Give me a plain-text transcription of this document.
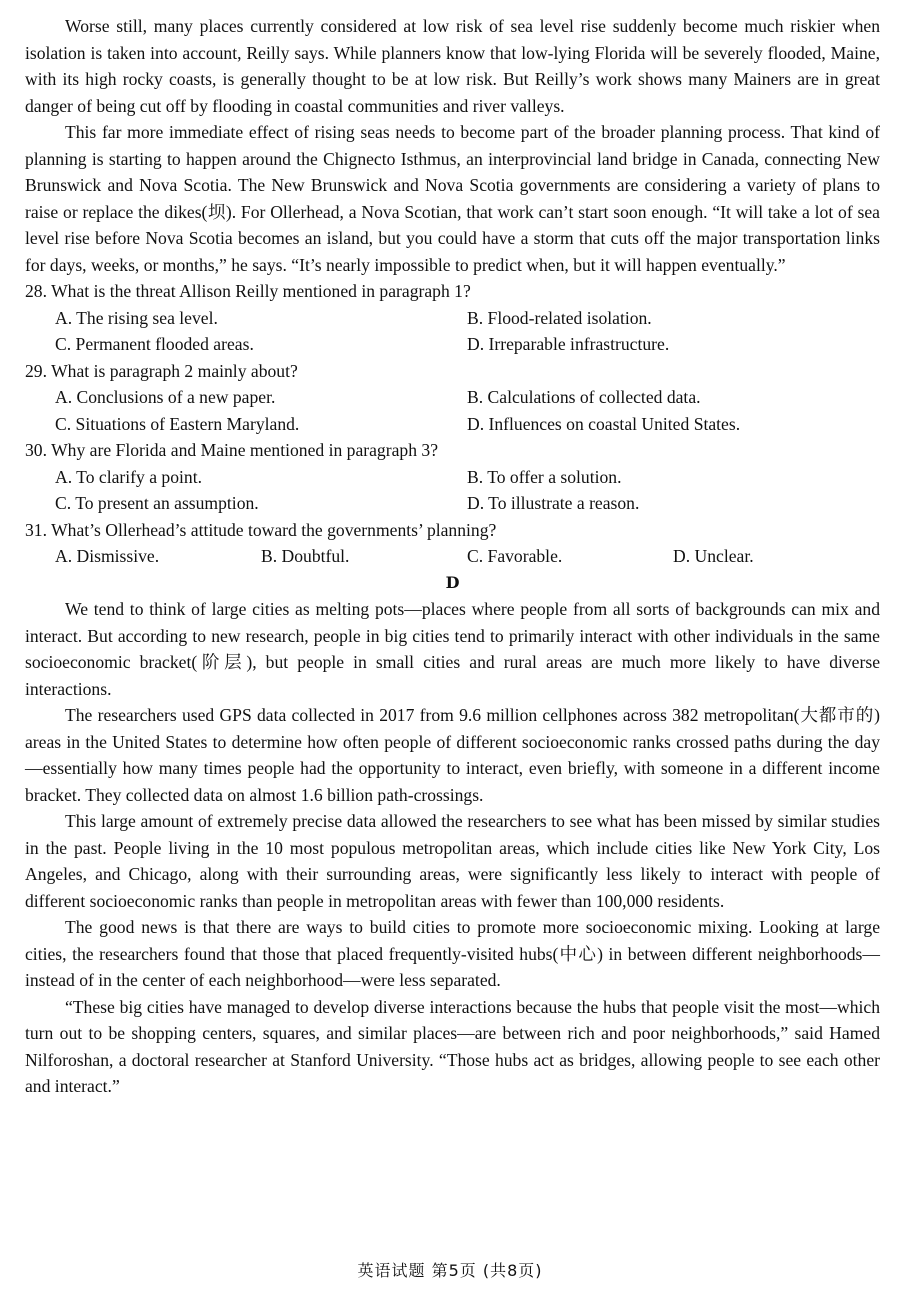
Worse still, many places currently considered at low risk of sea level rise suddenly become much riskier when isolation is taken into account, Reilly says. While planners know that low-lying Florida will be severely flooded, Maine, with its high rocky coasts, is generally thought to be at low risk. But Reilly’s work shows many Mainers are in great danger of being cut off by flooding in coastal communities and river valleys.

This far more immediate effect of rising seas needs to become part of the broader planning process. That kind of planning is starting to happen around the Chignecto Isthmus, an interprovincial land bridge in Canada, connecting New Brunswick and Nova Scotia. The New Brunswick and Nova Scotia governments are considering a variety of plans to raise or replace the dikes(坝). For Ollerhead, a Nova Scotian, that work can’t start soon enough. “It will take a lot of sea level rise before Nova Scotia becomes an island, but you could have a storm that cuts off the major transportation links for days, weeks, or months,” he says. “It’s nearly impossible to predict when, but it will happen eventually.”

28. What is the threat Allison Reilly mentioned in paragraph 1?

A. The rising sea level.	B. Flood-related isolation.
C. Permanent flooded areas.	D. Irreparable infrastructure.

29. What is paragraph 2 mainly about?

A. Conclusions of a new paper.	B. Calculations of collected data.
C. Situations of Eastern Maryland.	D. Influences on coastal United States.

30. Why are Florida and Maine mentioned in paragraph 3?

A. To clarify a point.	B. To offer a solution.
C. To present an assumption.	D. To illustrate a reason.

31. What’s Ollerhead’s attitude toward the governments’ planning?

A. Dismissive.	B. Doubtful.	C. Favorable.	D. Unclear.

D

We tend to think of large cities as melting pots—places where people from all sorts of backgrounds can mix and interact. But according to new research, people in big cities tend to primarily interact with other individuals in the same socioeconomic bracket(阶层), but people in small cities and rural areas are much more likely to have diverse interactions.

The researchers used GPS data collected in 2017 from 9.6 million cellphones across 382 metropolitan(大都市的) areas in the United States to determine how often people of different socioeconomic ranks crossed paths during the day—essentially how many times people had the opportunity to interact, even briefly, with someone in a different income bracket. They collected data on almost 1.6 billion path-crossings.

This large amount of extremely precise data allowed the researchers to see what has been missed by similar studies in the past. People living in the 10 most populous metropolitan areas, which include cities like New York City, Los Angeles, and Chicago, along with their surrounding areas, were significantly less likely to interact with people of different socioeconomic ranks than people in metropolitan areas with fewer than 100,000 residents.

The good news is that there are ways to build cities to promote more socioeconomic mixing. Looking at large cities, the researchers found that those that placed frequently-visited hubs(中心) in between different neighborhoods—instead of in the center of each neighborhood—were less separated.

“These big cities have managed to develop diverse interactions because the hubs that people visit the most—which turn out to be shopping centers, squares, and similar places—are between rich and poor neighborhoods,” said Hamed Nilforoshan, a doctoral researcher at Stanford University. “Those hubs act as bridges, allowing people to see each other and interact.”

英语试题 第5页 (共8页)
